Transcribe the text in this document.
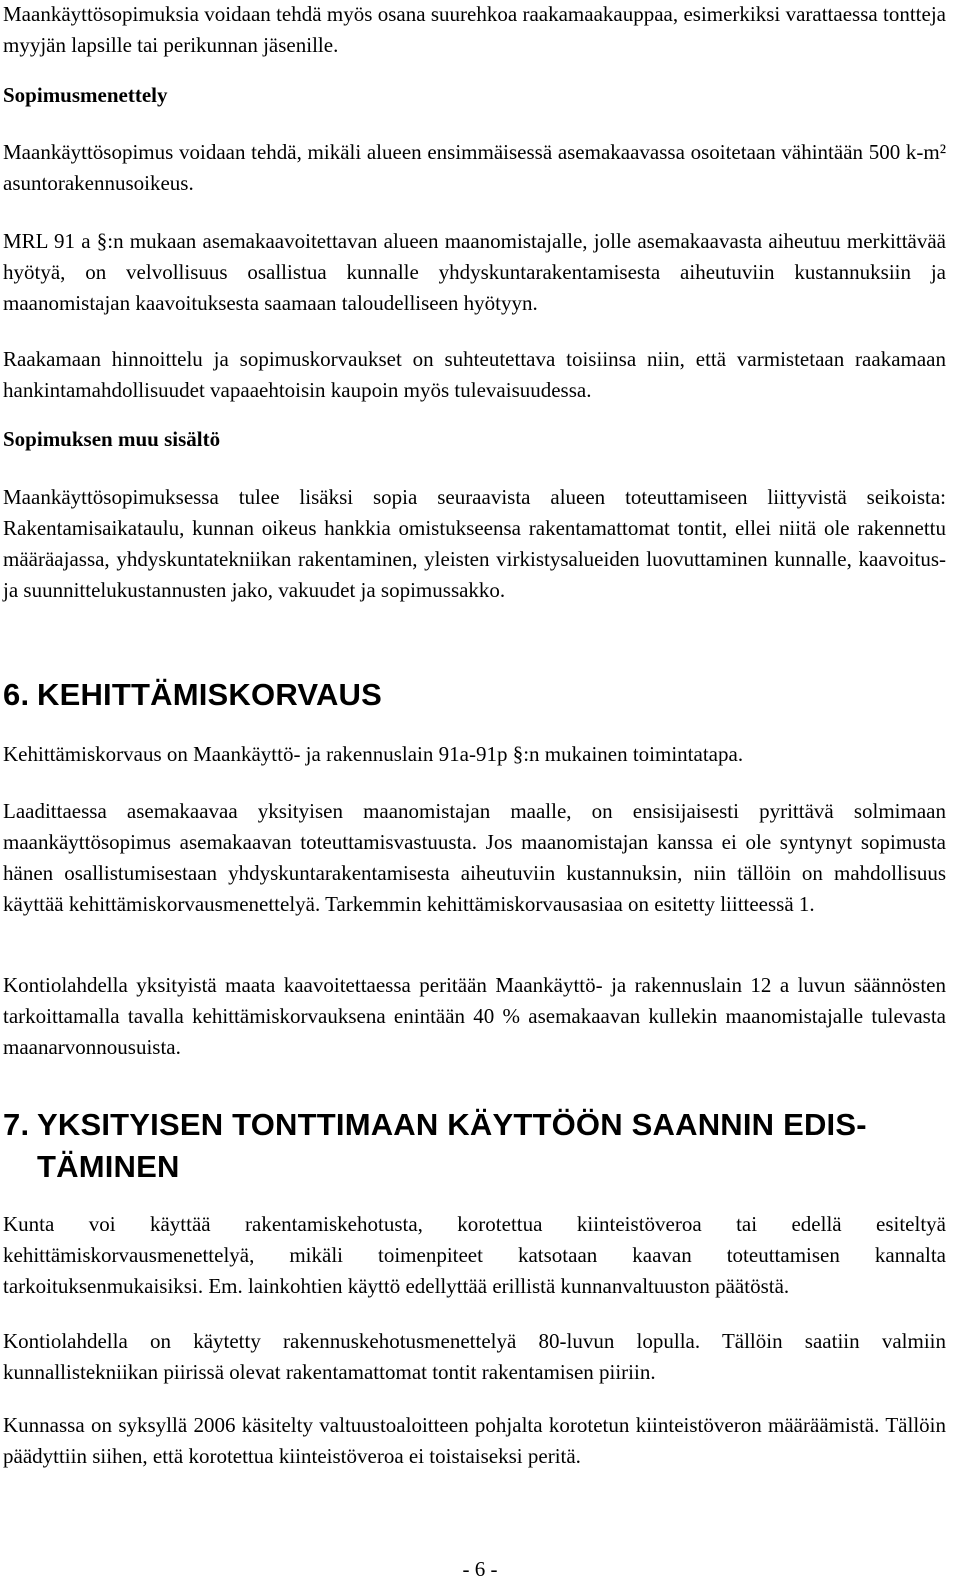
Maankäyttösopimuksia voidaan tehdä myös osana suurehkoa raakamaakauppaa, esimerkiksi varattaessa tontteja myyjän lapsille tai perikunnan jäsenille.

Sopimusmenettely

Maankäyttösopimus voidaan tehdä, mikäli alueen ensimmäisessä asemakaavassa osoitetaan vähintään 500 k-m² asuntorakennusoikeus.

MRL 91 a §:n mukaan asemakaavoitettavan alueen maanomistajalle, jolle asemakaavasta aiheutuu merkittävää hyötyä, on velvollisuus osallistua kunnalle yhdyskuntarakentamisesta aiheutuviin kustannuksiin ja maanomistajan kaavoituksesta saamaan taloudelliseen hyötyyn.

Raakamaan hinnoittelu ja sopimuskorvaukset on suhteutettava toisiinsa niin, että varmistetaan raakamaan hankintamahdollisuudet vapaaehtoisin kaupoin myös tulevaisuudessa.

Sopimuksen muu sisältö

Maankäyttösopimuksessa tulee lisäksi sopia seuraavista alueen toteuttamiseen liittyvistä seikoista: Rakentamisaikataulu, kunnan oikeus hankkia omistukseensa rakentamattomat tontit, ellei niitä ole rakennettu määräajassa, yhdyskuntatekniikan rakentaminen, yleisten virkistysalueiden luovuttaminen kunnalle, kaavoitus- ja suunnittelukustannusten jako, vakuudet ja sopimussakko.

6. KEHITTÄMISKORVAUS

Kehittämiskorvaus on Maankäyttö- ja rakennuslain 91a-91p §:n mukainen toimintatapa.

Laadittaessa asemakaavaa yksityisen maanomistajan maalle, on ensisijaisesti pyrittävä solmimaan maankäyttösopimus asemakaavan toteuttamisvastuusta. Jos maanomistajan kanssa ei ole syntynyt sopimusta hänen osallistumisestaan yhdyskuntarakentamisesta aiheutuviin kustannuksin, niin tällöin on mahdollisuus käyttää kehittämiskorvausmenettelyä. Tarkemmin kehittämiskorvausasiaa on esitetty liitteessä 1.

Kontiolahdella yksityistä maata kaavoitettaessa peritään Maankäyttö- ja rakennuslain 12 a luvun säännösten tarkoittamalla tavalla kehittämiskorvauksena enintään 40 % asemakaavan kullekin maanomistajalle tulevasta maanarvonnousuista.

7. YKSITYISEN TONTTIMAAN KÄYTTÖÖN SAANNIN EDIS-
TÄMINEN

Kunta voi käyttää rakentamiskehotusta, korotettua kiinteistöveroa tai edellä esiteltyä kehittämiskorvausmenettelyä, mikäli toimenpiteet katsotaan kaavan toteuttamisen kannalta tarkoituksenmukaisiksi. Em. lainkohtien käyttö edellyttää erillistä kunnanvaltuuston päätöstä.

Kontiolahdella on käytetty rakennuskehotusmenettelyä 80-luvun lopulla. Tällöin saatiin valmiin kunnallistekniikan piirissä olevat rakentamattomat tontit rakentamisen piiriin.

Kunnassa on syksyllä 2006 käsitelty valtuustoaloitteen pohjalta korotetun kiinteistöveron määräämistä. Tällöin päädyttiin siihen, että korotettua kiinteistöveroa ei toistaiseksi peritä.

- 6 -
